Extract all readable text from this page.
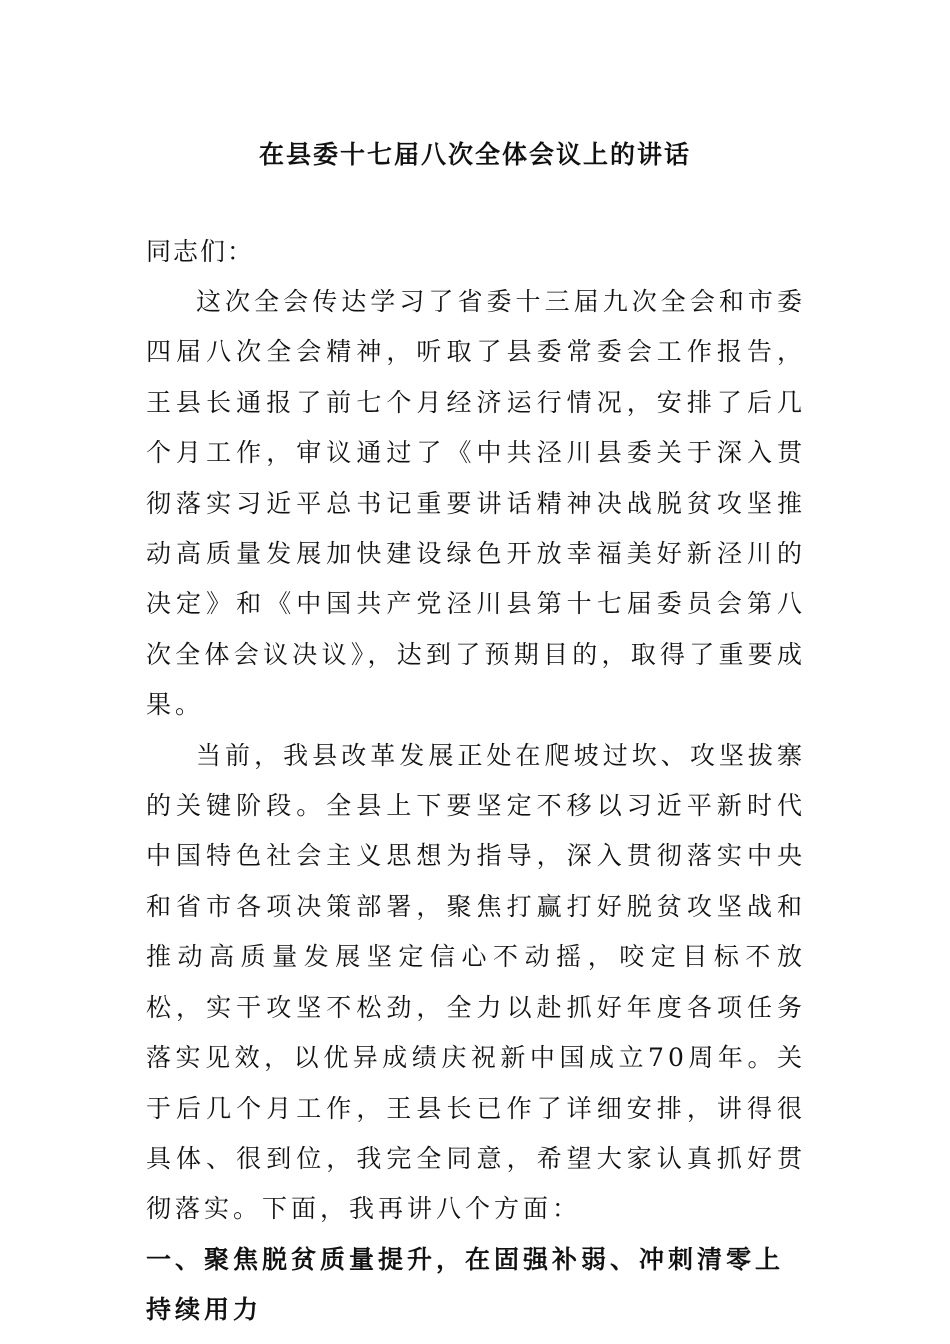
在县委十七届八次全体会议上的讲话

同志们：

这次全会传达学习了省委十三届九次全会和市委四届八次全会精神，听取了县委常委会工作报告，王县长通报了前七个月经济运行情况，安排了后几个月工作，审议通过了《中共泾川县委关于深入贯彻落实习近平总书记重要讲话精神决战脱贫攻坚推动高质量发展加快建设绿色开放幸福美好新泾川的决定》和《中国共产党泾川县第十七届委员会第八次全体会议决议》，达到了预期目的，取得了重要成果。

当前，我县改革发展正处在爬坡过坎、攻坚拔寨的关键阶段。全县上下要坚定不移以习近平新时代中国特色社会主义思想为指导，深入贯彻落实中央和省市各项决策部署，聚焦打赢打好脱贫攻坚战和推动高质量发展坚定信心不动摇，咬定目标不放松，实干攻坚不松劲，全力以赴抓好年度各项任务落实见效，以优异成绩庆祝新中国成立70周年。关于后几个月工作，王县长已作了详细安排，讲得很具体、很到位，我完全同意，希望大家认真抓好贯彻落实。下面，我再讲八个方面：

一、聚焦脱贫质量提升，在固强补弱、冲刺清零上持续用力
